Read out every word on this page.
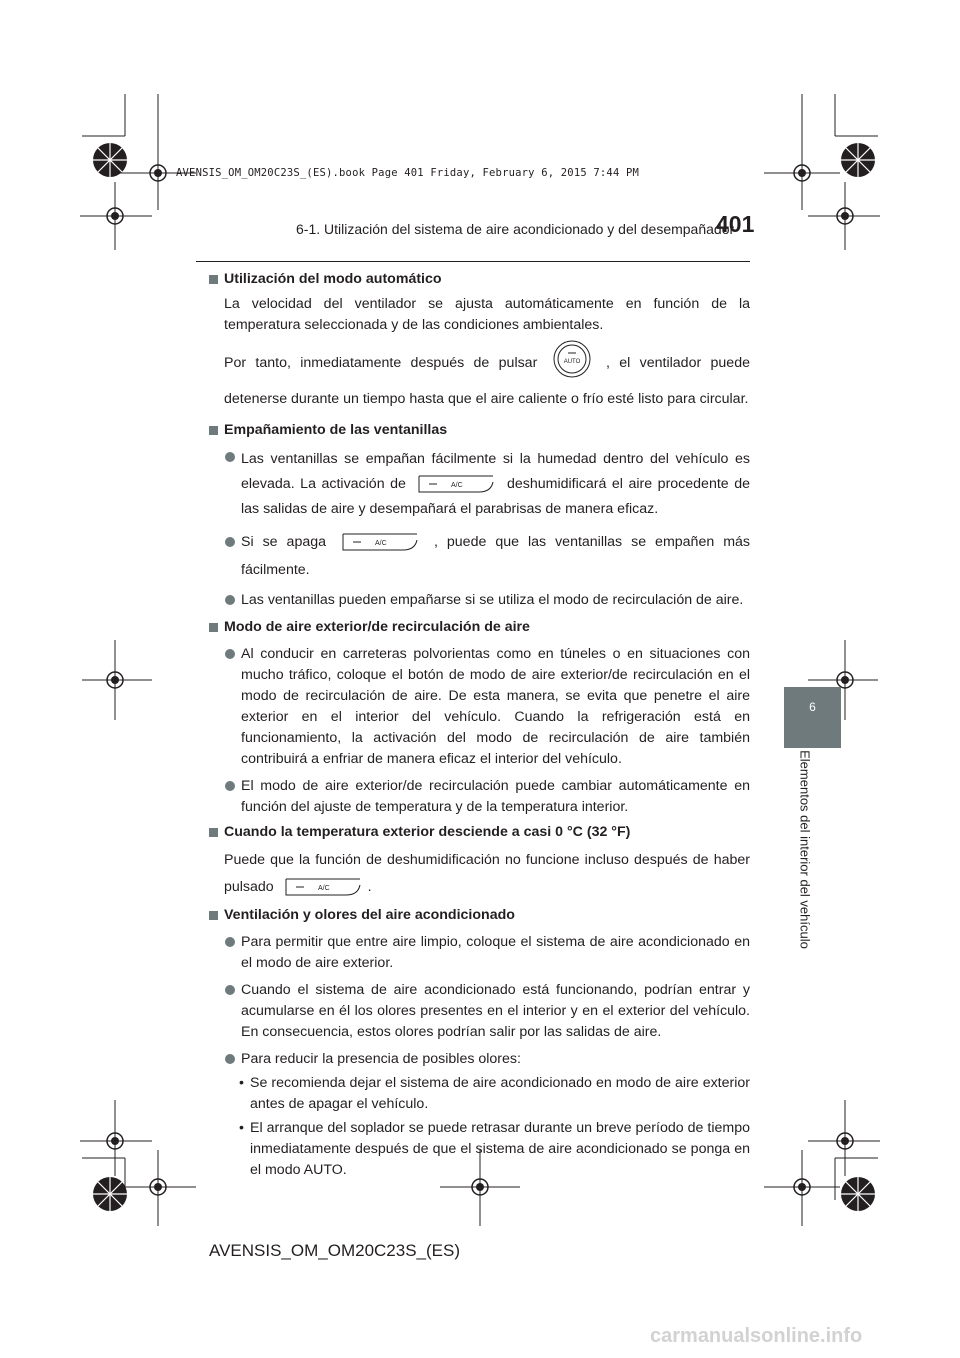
AVENSIS_OM_OM20C23S_(ES).book Page 401 Friday, February 6, 2015 7:44 PM
6-1. Utilización del sistema de aire acondicionado y del desempañador
401
6
Elementos del interior del vehículo
Utilización del modo automático
La velocidad del ventilador se ajusta automáticamente en función de la temperatura seleccionada y de las condiciones ambientales.
Por tanto, inmediatamente después de pulsar	AUTO , el ventilador puede detenerse durante un tiempo hasta que el aire caliente o frío esté listo para circular.
Empañamiento de las ventanillas
Las ventanillas se empañan fácilmente si la humedad dentro del vehículo es elevada. La activación de	A/C	deshumidificará el aire procedente de las salidas de aire y desempañará el parabrisas de manera eficaz.
Si se apaga	A/C	, puede que las ventanillas se empañen más fácilmente.
Las ventanillas pueden empañarse si se utiliza el modo de recirculación de aire.
Modo de aire exterior/de recirculación de aire
Al conducir en carreteras polvorientas como en túneles o en situaciones con mucho tráfico, coloque el botón de modo de aire exterior/de recirculación en el modo de recirculación de aire. De esta manera, se evita que penetre el aire exterior en el interior del vehículo. Cuando la refrigeración está en funcionamiento, la activación del modo de recirculación de aire también contribuirá a enfriar de manera eficaz el interior del vehículo.
El modo de aire exterior/de recirculación puede cambiar automáticamente en función del ajuste de temperatura y de la temperatura interior.
Cuando la temperatura exterior desciende a casi 0 °C (32 °F)
Puede que la función de deshumidificación no funcione incluso después de haber pulsado	A/C	.
Ventilación y olores del aire acondicionado
Para permitir que entre aire limpio, coloque el sistema de aire acondicionado en el modo de aire exterior.
Cuando el sistema de aire acondicionado está funcionando, podrían entrar y acumularse en él los olores presentes en el interior y en el exterior del vehículo. En consecuencia, estos olores podrían salir por las salidas de aire.
Para reducir la presencia de posibles olores:
• Se recomienda dejar el sistema de aire acondicionado en modo de aire exterior antes de apagar el vehículo.
• El arranque del soplador se puede retrasar durante un breve período de tiempo inmediatamente después de que el sistema de aire acondicionado se ponga en el modo AUTO.
AVENSIS_OM_OM20C23S_(ES)
carmanualsonline.info
